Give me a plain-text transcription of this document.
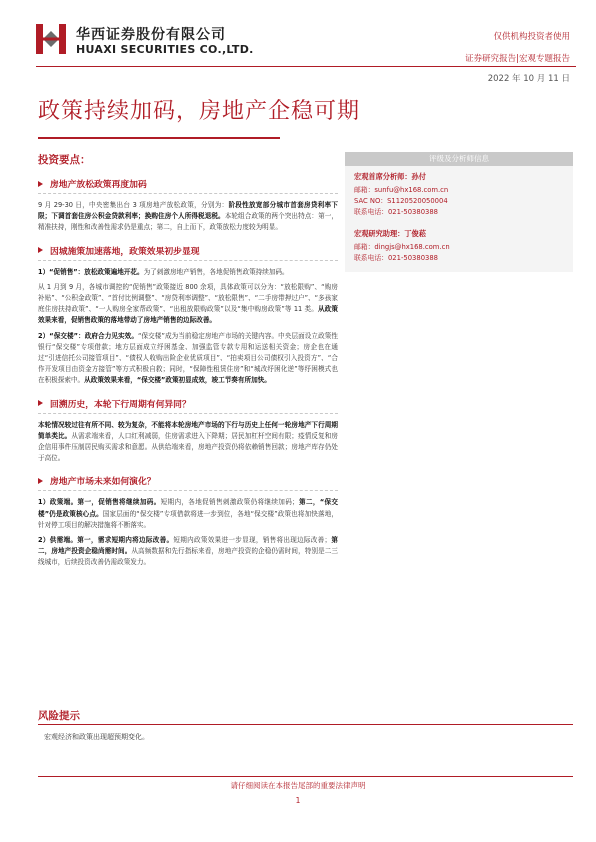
华西证券股份有限公司
HUAXI SECURITIES CO.,LTD.
仅供机构投资者使用
证券研究报告|宏观专题报告
2022 年 10 月 11 日
政策持续加码，房地产企稳可期
投资要点：
房地产放松政策再度加码

9 月 29-30 日，中央密集出台 3 项房地产放松政策，分别为：阶段性放宽部分城市首套房贷利率下限；下调首套住房公积金贷款利率；换购住房个人所得税退税。本轮组合政策的两个突出特点：第一，精准扶持，刚性和改善性需求仍是重点；第二，自上而下，政策放松力度较为明显。

因城施策加速落地，政策效果初步显现

1）“促销售”：放松政策遍地开花。为了刺激房地产销售，各地促销售政策持续加码。

从 1 月到 9 月，各城市调控的“促销售”政策接近 800 余项，具体政策可以分为：“放松限购”、“购房补贴”、“公积金政策”、“首付比例调整”、“房贷利率调整”、“放松限售”、“二手房带押过户”、“多孩家庭住房扶持政策”、“一人购房全家帮政策”、“出租放限购政策”以及“集中购房政策”等 11 类。从政策效果来看，促销售政策的落地带动了房地产销售的边际改善。

2）“保交楼”：政府合力见实效。“保交楼”成为当前稳定房地产市场的关键内容。中央层面设立政策性银行“保交楼”专项借款；地方层面成立纾困基金、加强监管专款专用和运送相关资金；房企也在通过“引进信托公司接管项目”、“债权人收购出险企业优质项目”、“拍卖项目公司债权引入投资方”、“合作开发项目由资金方接管”等方式积极自救；同时，“保障性租赁住房”和“城改纾困化逆”等纾困模式也在积极探索中。从政策效果来看，“保交楼”政策初显成效，竣工节奏有所加快。

回溯历史，本轮下行周期有何异同？

本轮情况较过往有所不同、较为复杂，不能将本轮房地产市场的下行与历史上任何一轮房地产下行周期简单类比。从需求端来看，人口红利减弱，住房需求进入下降期；居民加杠杆空间有限；疫情反复和房企信用事件压制居民购买需求和意愿。从供给端来看，房地产投资仍将依赖销售回款；房地产库存仍处于高位。

房地产市场未来如何演化？

1）政策端。第一，促销售将继续加码。短期内，各地促销售刺激政策仍将继续加码；第二，“保交楼”仍是政策核心点。国家层面的“保交楼”专项借款将进一步到位，各地“保交楼”政策也将加快落地，针对停工项目的解决措施将不断落实。

2）供需端。第一，需求短期内将边际改善。短期内政策效果进一步显现，销售将出现边际改善；第二，房地产投资企稳尚需时间。从高频数据和先行指标来看，房地产投资的企稳仍需时间，特别是二三线城市，后续投资改善仍需政策发力。

评级及分析师信息
宏观首席分析师：孙付
邮箱：sunfu@hx168.com.cn
SAC NO：S1120520050004
联系电话：021-50380388
宏观研究助理：丁俊菘
邮箱：dingjs@hx168.com.cn
联系电话：021-50380388
风险提示
宏观经济和政策出现超预期变化。
请仔细阅读在本报告尾部的重要法律声明
1
